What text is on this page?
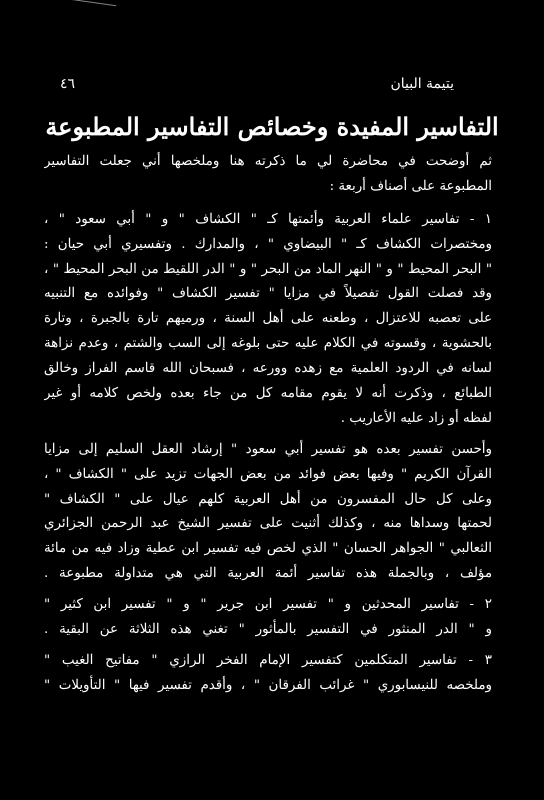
يتيمة البيان
٤٦
التفاسير المفيدة وخصائص التفاسير المطبوعة
ثم أوضحت في محاضرة لي ما ذكرته هنا وملخصها أني جعلت التفاسير
المطبوعة على أصناف أربعة :
١ - تفاسير علماء العربية وأئمتها كـ " الكشاف " و " أبي سعود " ،
ومختصرات الكشاف كـ " البيضاوي " ، والمدارك . وتفسيري أبي حيان :
" البحر المحيط " و " النهر الماد من البحر " و " الدر اللقيط من البحر المحيط " ،
وقد فصلت القول تفصيلاً في مزايا " تفسير الكشاف " وفوائده مع التنبيه
على تعصبه للاعتزال ، وطعنه على أهل السنة ، ورميهم تارة بالجبرة ، وتارة
بالحشوية ، وقسوته في الكلام عليه حتى بلوغه إلى السب والشتم ، وعدم نزاهة
لسانه في الردود العلمية مع زهده وورعه ، فسبحان الله قاسم الفراز وخالق
الطبائع ، وذكرت أنه لا يقوم مقامه كل من جاء بعده ولخص كلامه أو غير
لفظه أو زاد عليه الأعاريب .
وأحسن تفسير بعده هو تفسير أبي سعود " إرشاد العقل السليم إلى مزايا
القرآن الكريم " وفيها بعض فوائد من بعض الجهات تزيد على " الكشاف " ،
وعلى كل حال المفسرون من أهل العربية كلهم عيال على " الكشاف "
لحمتها وسداها منه ، وكذلك أثنيت على تفسير الشيخ عبد الرحمن الجزائري
الثعالبي " الجواهر الحسان " الذي لخص فيه تفسير ابن عطية وزاد فيه من مائة
مؤلف ، وبالجملة هذه تفاسير أئمة العربية التي هي متداولة مطبوعة .
٢ - تفاسير المحدثين و " تفسير ابن جرير " و " تفسير ابن كثير "
و " الدر المنثور في التفسير بالمأثور " تغني هذه الثلاثة عن البقية .
٣ - تفاسير المتكلمين كتفسير الإمام الفخر الرازي " مفاتيح الغيب "
وملخصه للنيسابوري " غرائب الفرقان " ، وأقدم تفسير فيها " التأويلات "
